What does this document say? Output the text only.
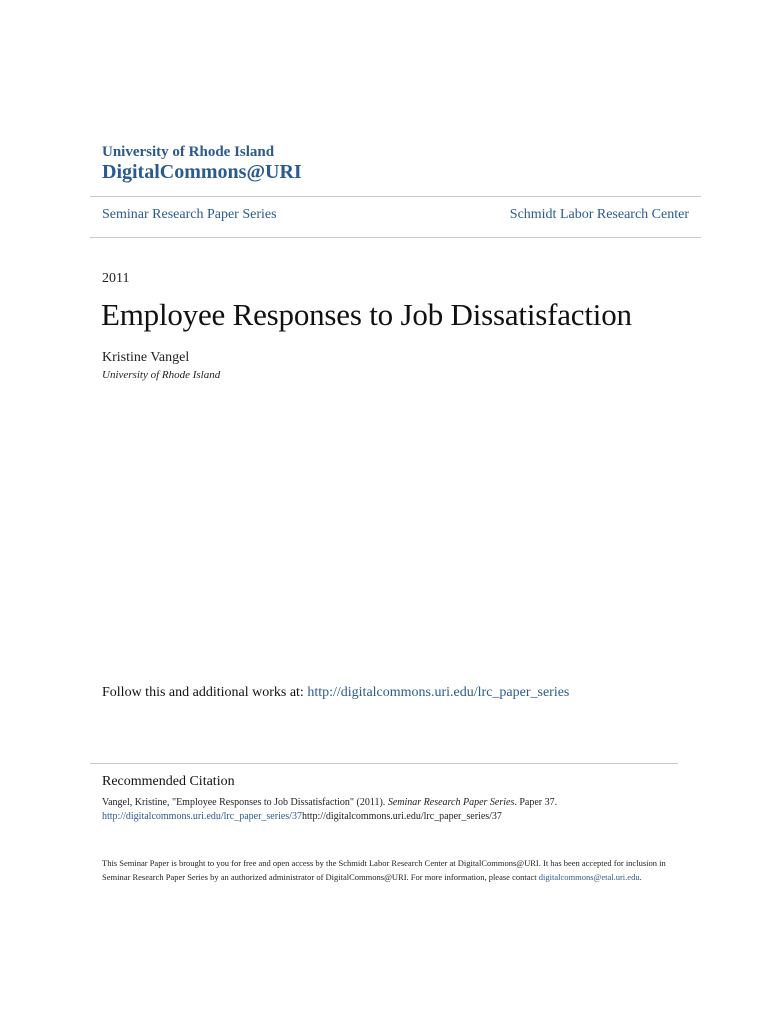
University of Rhode Island
DigitalCommons@URI
Seminar Research Paper Series	Schmidt Labor Research Center
2011
Employee Responses to Job Dissatisfaction
Kristine Vangel
University of Rhode Island
Follow this and additional works at: http://digitalcommons.uri.edu/lrc_paper_series
Recommended Citation
Vangel, Kristine, "Employee Responses to Job Dissatisfaction" (2011). Seminar Research Paper Series. Paper 37.
http://digitalcommons.uri.edu/lrc_paper_series/37http://digitalcommons.uri.edu/lrc_paper_series/37
This Seminar Paper is brought to you for free and open access by the Schmidt Labor Research Center at DigitalCommons@URI. It has been accepted for inclusion in Seminar Research Paper Series by an authorized administrator of DigitalCommons@URI. For more information, please contact digitalcommons@etal.uri.edu.
